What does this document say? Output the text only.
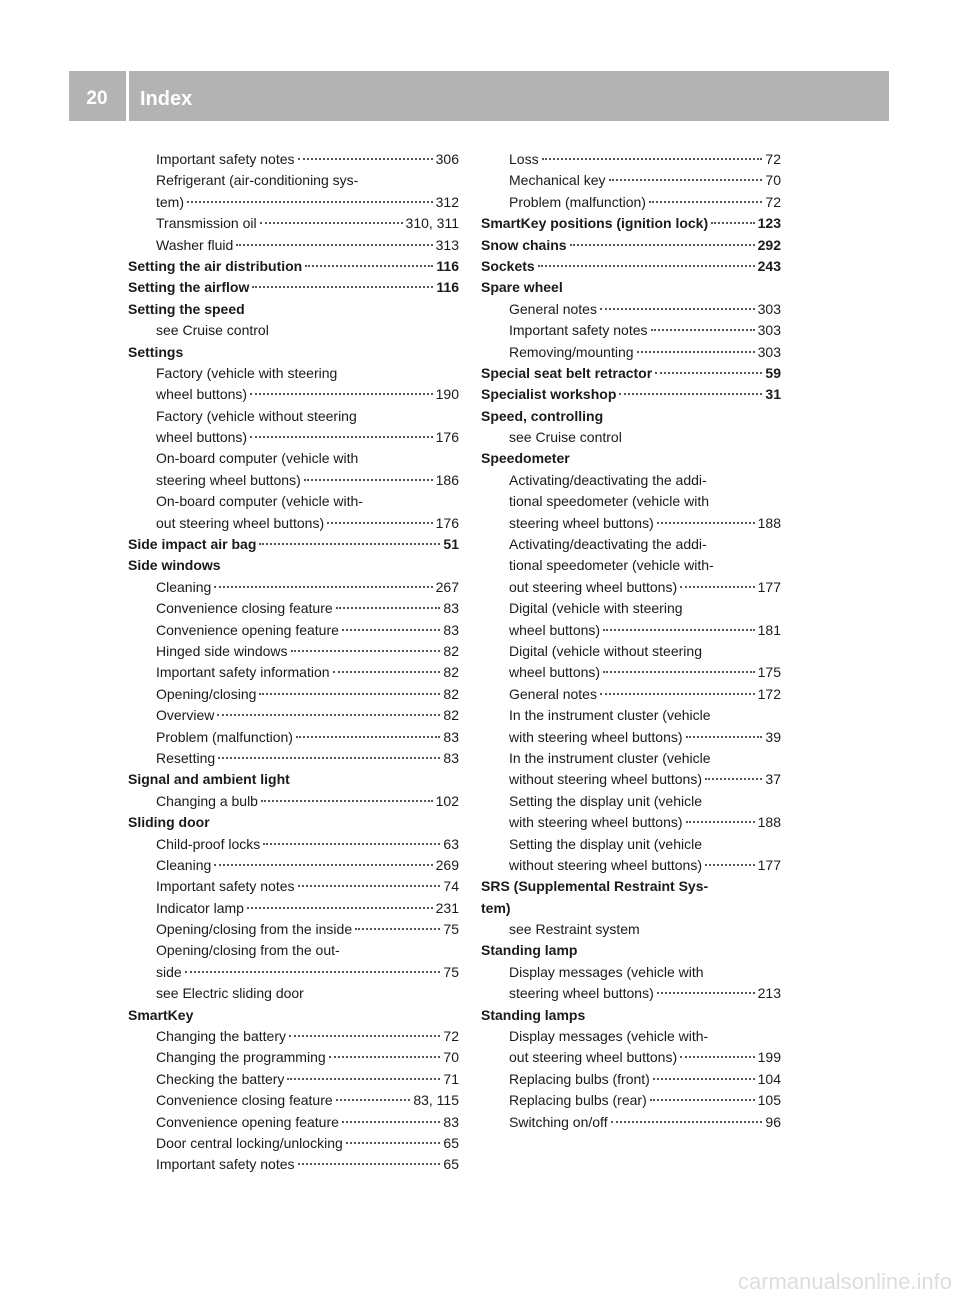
20	Index
Important safety notes	306
Refrigerant (air-conditioning sys-
tem)	312
Transmission oil	310, 311
Washer fluid	313
Setting the air distribution	116
Setting the airflow	116
Setting the speed
see Cruise control
Settings
Factory (vehicle with steering
wheel buttons)	190
Factory (vehicle without steering
wheel buttons)	176
On-board computer (vehicle with
steering wheel buttons)	186
On-board computer (vehicle with-
out steering wheel buttons)	176
Side impact air bag	51
Side windows
Cleaning	267
Convenience closing feature	83
Convenience opening feature	83
Hinged side windows	82
Important safety information	82
Opening/closing	82
Overview	82
Problem (malfunction)	83
Resetting	83
Signal and ambient light
Changing a bulb	102
Sliding door
Child-proof locks	63
Cleaning	269
Important safety notes	74
Indicator lamp	231
Opening/closing from the inside	75
Opening/closing from the out-
side	75
see Electric sliding door
SmartKey
Changing the battery	72
Changing the programming	70
Checking the battery	71
Convenience closing feature	83, 115
Convenience opening feature	83
Door central locking/unlocking	65
Important safety notes	65
Loss	72
Mechanical key	70
Problem (malfunction)	72
SmartKey positions (ignition lock)	123
Snow chains	292
Sockets	243
Spare wheel
General notes	303
Important safety notes	303
Removing/mounting	303
Special seat belt retractor	59
Specialist workshop	31
Speed, controlling
see Cruise control
Speedometer
Activating/deactivating the addi-
tional speedometer (vehicle with
steering wheel buttons)	188
Activating/deactivating the addi-
tional speedometer (vehicle with-
out steering wheel buttons)	177
Digital (vehicle with steering
wheel buttons)	181
Digital (vehicle without steering
wheel buttons)	175
General notes	172
In the instrument cluster (vehicle
with steering wheel buttons)	39
In the instrument cluster (vehicle
without steering wheel buttons)	37
Setting the display unit (vehicle
with steering wheel buttons)	188
Setting the display unit (vehicle
without steering wheel buttons)	177
SRS (Supplemental Restraint Sys-
tem)
see Restraint system
Standing lamp
Display messages (vehicle with
steering wheel buttons)	213
Standing lamps
Display messages (vehicle with-
out steering wheel buttons)	199
Replacing bulbs (front)	104
Replacing bulbs (rear)	105
Switching on/off	96
carmanualsonline.info
